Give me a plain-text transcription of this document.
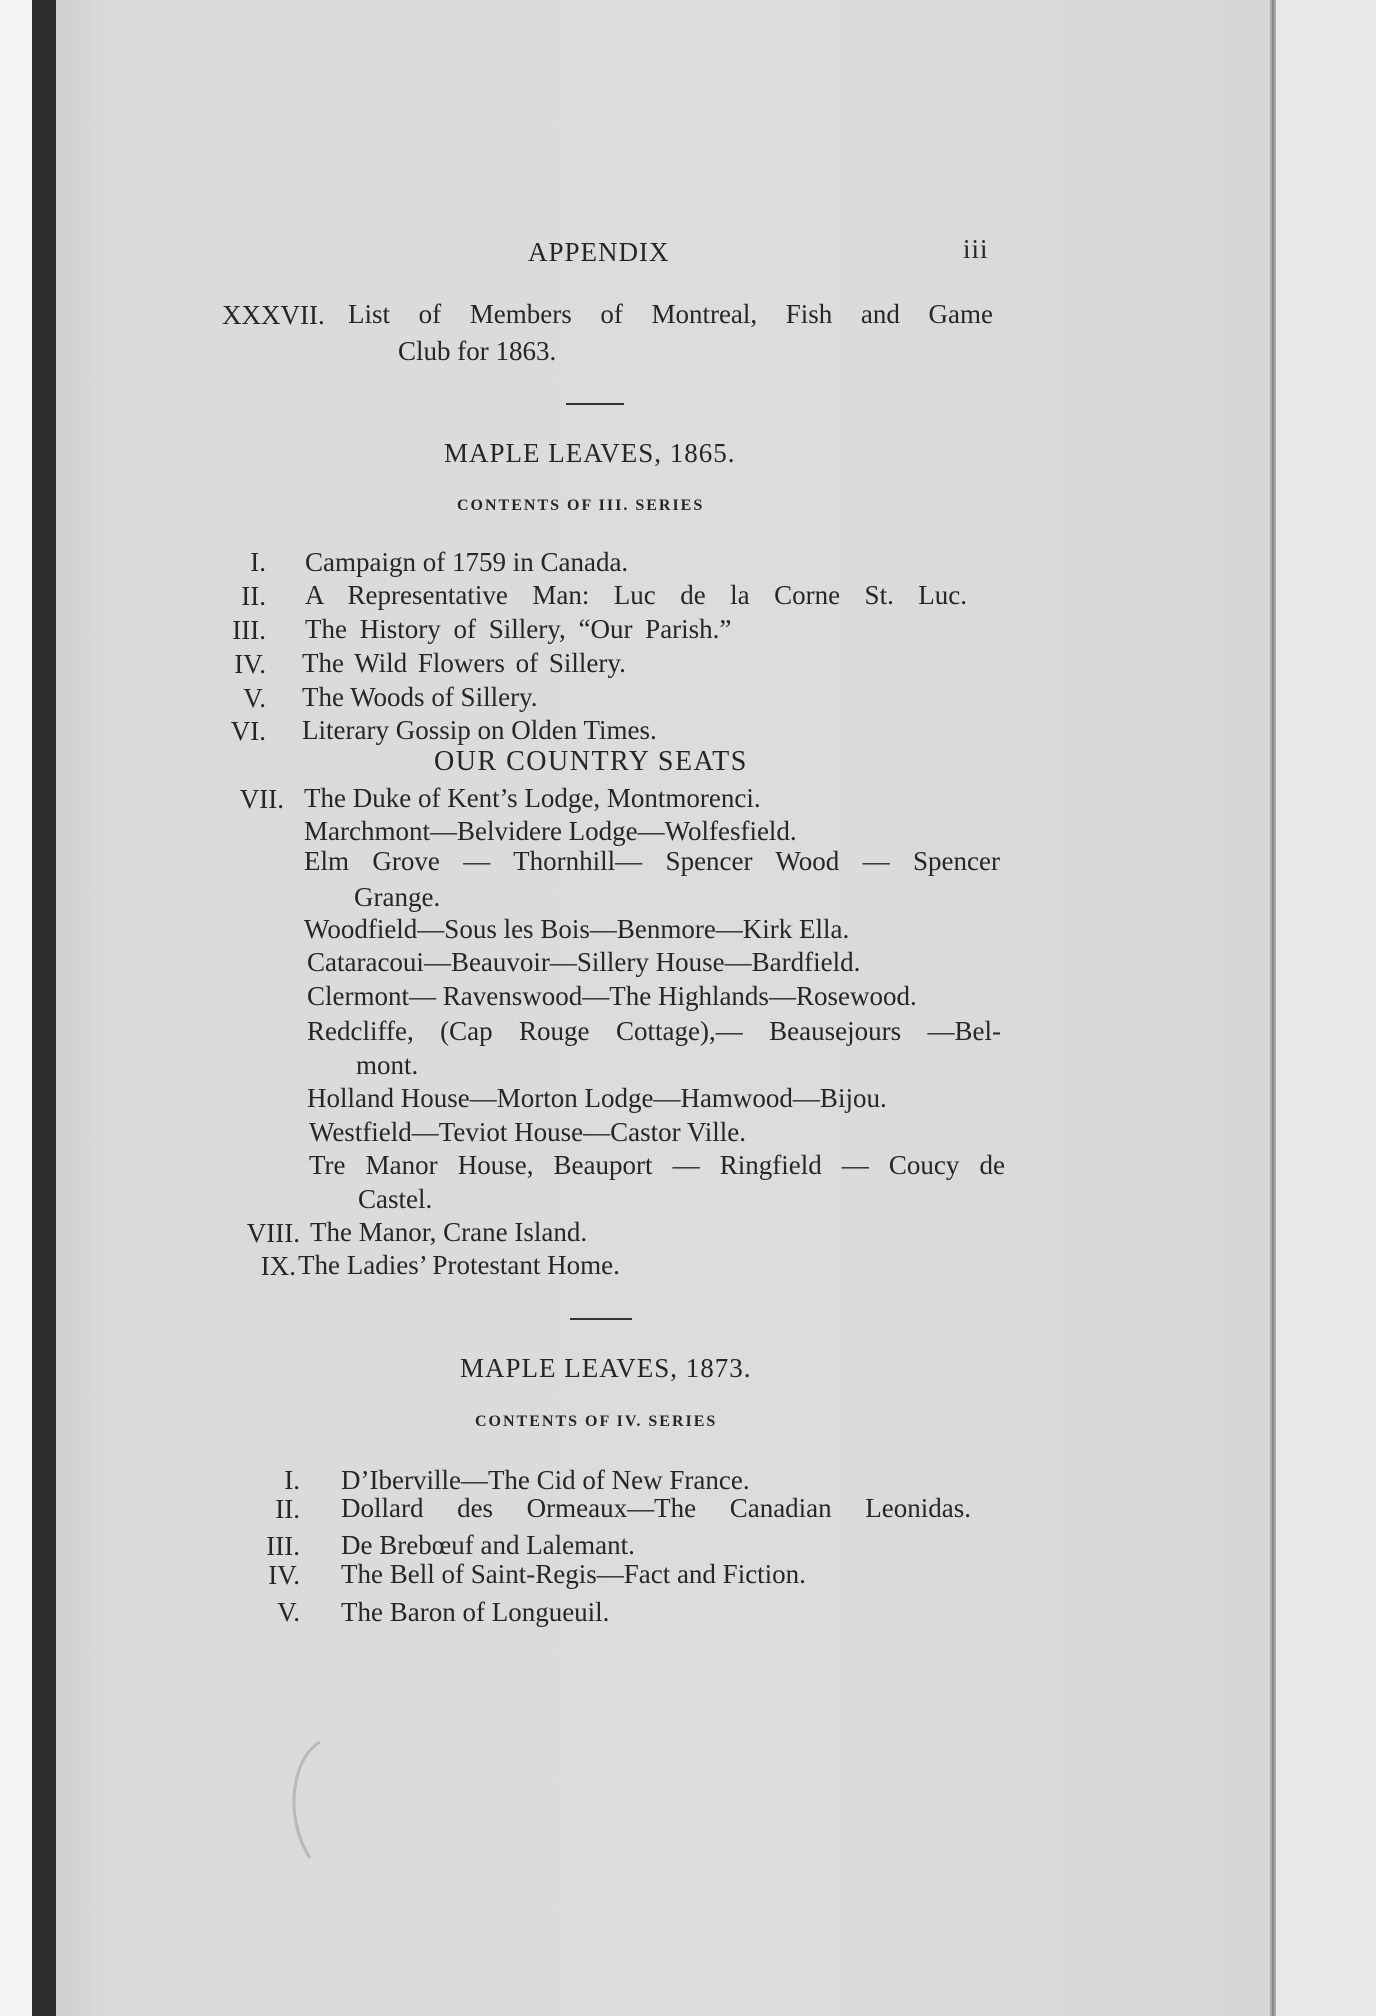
APPENDIX	iii
XXXVII. List of Members of Montreal, Fish and Game
Club for 1863.
MAPLE LEAVES, 1865.
CONTENTS OF III. SERIES
I. Campaign of 1759 in Canada.
II. A Representative Man: Luc de la Corne St. Luc.
III. The History of Sillery, “Our Parish.”
IV. The Wild Flowers of Sillery.
V. The Woods of Sillery.
VI. Literary Gossip on Olden Times.
OUR COUNTRY SEATS
VII. The Duke of Kent’s Lodge, Montmorenci.
Marchmont—Belvidere Lodge—Wolfesfield.
Elm Grove — Thornhill— Spencer Wood — Spencer
Grange.
Woodfield—Sous les Bois—Benmore—Kirk Ella.
Cataracoui—Beauvoir—Sillery House—Bardfield.
Clermont— Ravenswood—The Highlands—Rosewood.
Redcliffe, (Cap Rouge Cottage),— Beausejours —Bel-
mont.
Holland House—Morton Lodge—Hamwood—Bijou.
Westfield—Teviot House—Castor Ville.
Tre Manor House, Beauport — Ringfield — Coucy de
Castel.
VIII. The Manor, Crane Island.
IX. The Ladies’ Protestant Home.
MAPLE LEAVES, 1873.
CONTENTS OF IV. SERIES
I. D’Iberville—The Cid of New France.
II. Dollard des Ormeaux—The Canadian Leonidas.
III. De Brebœuf and Lalemant.
IV. The Bell of Saint-Regis—Fact and Fiction.
V. The Baron of Longueuil.
